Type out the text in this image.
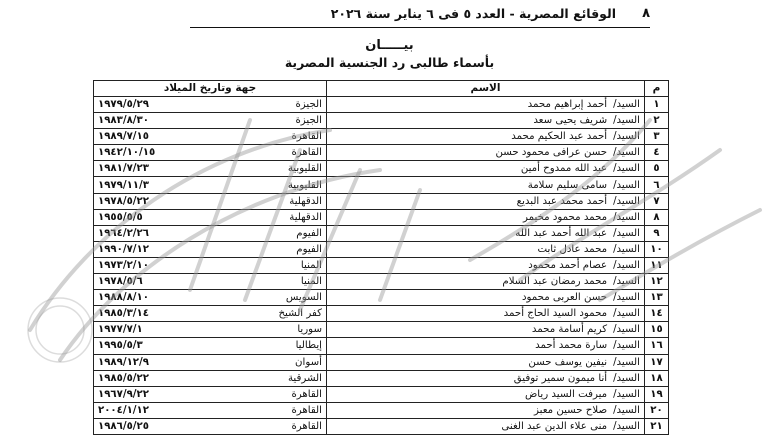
٨
الوقائع المصرية - العدد ٥ فى ٦ يناير سنة ٢٠٢٦
بيـــــان
بأسماء طالبى رد الجنسية المصرية
م	الاسم	جهة وتاريخ الميلاد	
١	السيد/أحمد إبراهيم محمد	الجيزة	١٩٧٩/٥/٢٩
٢	السيد/شريف يحيى سعد	الجيزة	١٩٨٣/٨/٣٠
٣	السيد/أحمد عبد الحكيم محمد	القاهرة	١٩٨٩/٧/١٥
٤	السيد/حسن عرافى محمود حسن	القاهرة	١٩٤٢/١٠/١٥
٥	السيد/عبد الله ممدوح أمين	القليوبية	١٩٨١/٧/٢٣
٦	السيد/سامى سليم سلامة	القليوبية	١٩٧٩/١١/٣
٧	السيد/أحمد محمد عبد البديع	الدقهلية	١٩٧٨/٥/٢٢
٨	السيد/محمد محمود مخيمر	الدقهلية	١٩٥٥/٥/٥
٩	السيد/عبد الله أحمد عبد الله	الفيوم	١٩٦٤/٢/٢٦
١٠	السيد/محمد عادل ثابت	الفيوم	١٩٩٠/٧/١٢
١١	السيد/عصام أحمد محمود	المنيا	١٩٧٣/٢/١٠
١٢	السيد/محمد رمضان عبد السلام	المنيا	١٩٧٨/٥/٦
١٣	السيد/حسن العربى محمود	السويس	١٩٨٨/٨/١٠
١٤	السيد/محمود السيد الحاج أحمد	كفر الشيخ	١٩٨٥/٣/١٤
١٥	السيد/كريم أسامة محمد	سوريا	١٩٧٧/٧/١
١٦	السيد/سارة محمد أحمد	إيطاليا	١٩٩٥/٥/٣
١٧	السيد/نيفين يوسف حسن	أسوان	١٩٨٩/١٢/٩
١٨	السيد/أنا ميمون سمير توفيق	الشرقية	١٩٨٥/٥/٢٢
١٩	السيد/ميرفت السيد رياض	القاهرة	١٩٦٧/٩/٢٢
٢٠	السيد/صلاح حسين معبز	القاهرة	٢٠٠٤/١/١٢
٢١	السيد/منى علاء الدين عبد الغنى	القاهرة	١٩٨٦/٥/٢٥
